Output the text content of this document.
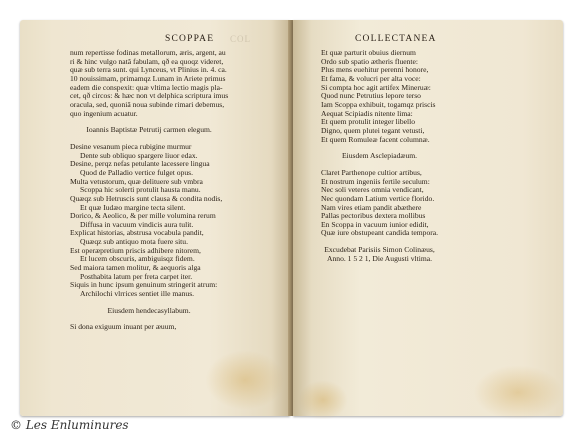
SCOPPAE COL
num repertisse fodinas metallorum, æris, argent, au
ri & hinc vulgo natã fabulam, qð ea quoqz videret,
quæ sub terra sunt. qui Lynceus, vt Plinius in. 4. ca.
10 nouissimam, primamqz Lunam in Ariete primus
eadem die conspexit: quæ vltima lectio magis pla-
cet, qð circos: & hæc non vt delphica scriptura imus
oracula, sed, quoniã noua subinde rimari debemus,
quo ingenium acuatur.
Ioannis Baptistæ Petrutij carmen elegum.
Desine vesanum pieca rubigine murmur
Dente sub obliquo spargere liuor edax.
Desine, perqz nefas petulante lacessere lingua
Quod de Palladio vertice fulget opus.
Multa vetustorum, quæ delituere sub vmbra
Scoppa hic solerti protulit hausta manu.
Quæqz sub Hetruscis sunt clausa & condita nodis,
Et quæ Iudæo margine tecta silent.
Dorico, & Aeolico, & per mille volumina rerum
Diffusa in vacuum vindicis aura tulit.
Explicat historias, abstrusa vocabula pandit,
Quæqz sub antiquo mota fuere situ.
Est operæpretium priscis adhibere nitorem,
Et lucem obscuris, ambiguisqz fidem.
Sed maiora tamen molitur, & aequoris alga
Posthabita latum per freta carpet iter.
Siquis in hunc ipsum genuinum stringerit atrum:
Archilochi vlrrices sentiet ille manus.
Eiusdem hendecasyllabum.
Si dona exiguum inuant per æuum,
COLLECTANEA
Et quæ parturit obuius diernum
Ordo sub spatio ætheris fluente:
Plus mens euehitur perenni honore,
Et fama, & volucri per alta voce:
Si compta hoc agit artifex Mineruæ:
Quod nunc Petrutius lepore terso
Iam Scoppa exhibuit, togamqz priscis
Aequat Scipiadis nitente lima:
Et quem protulit integer libello
Digno, quem plutei tegant vetusti,
Et quem Romuleæ facent columnæ.
Eiusdem Asclepiadæum.
Claret Parthenope cultior artibus,
Et nostrum ingeniis fertile seculum:
Nec soli veteres omnia vendicant,
Nec quondam Latium vertice florido.
Nam vires etiam pandit abæthere
Pallas pectoribus dextera mollibus
En Scoppa in vacuum iunior edidit,
Quæ iure obstupeant candida tempora.
Excudebat Parisiis Simon Colinæus,
Anno. 1 5 2 1, Die Augusti vltima.
© Les Enluminures
